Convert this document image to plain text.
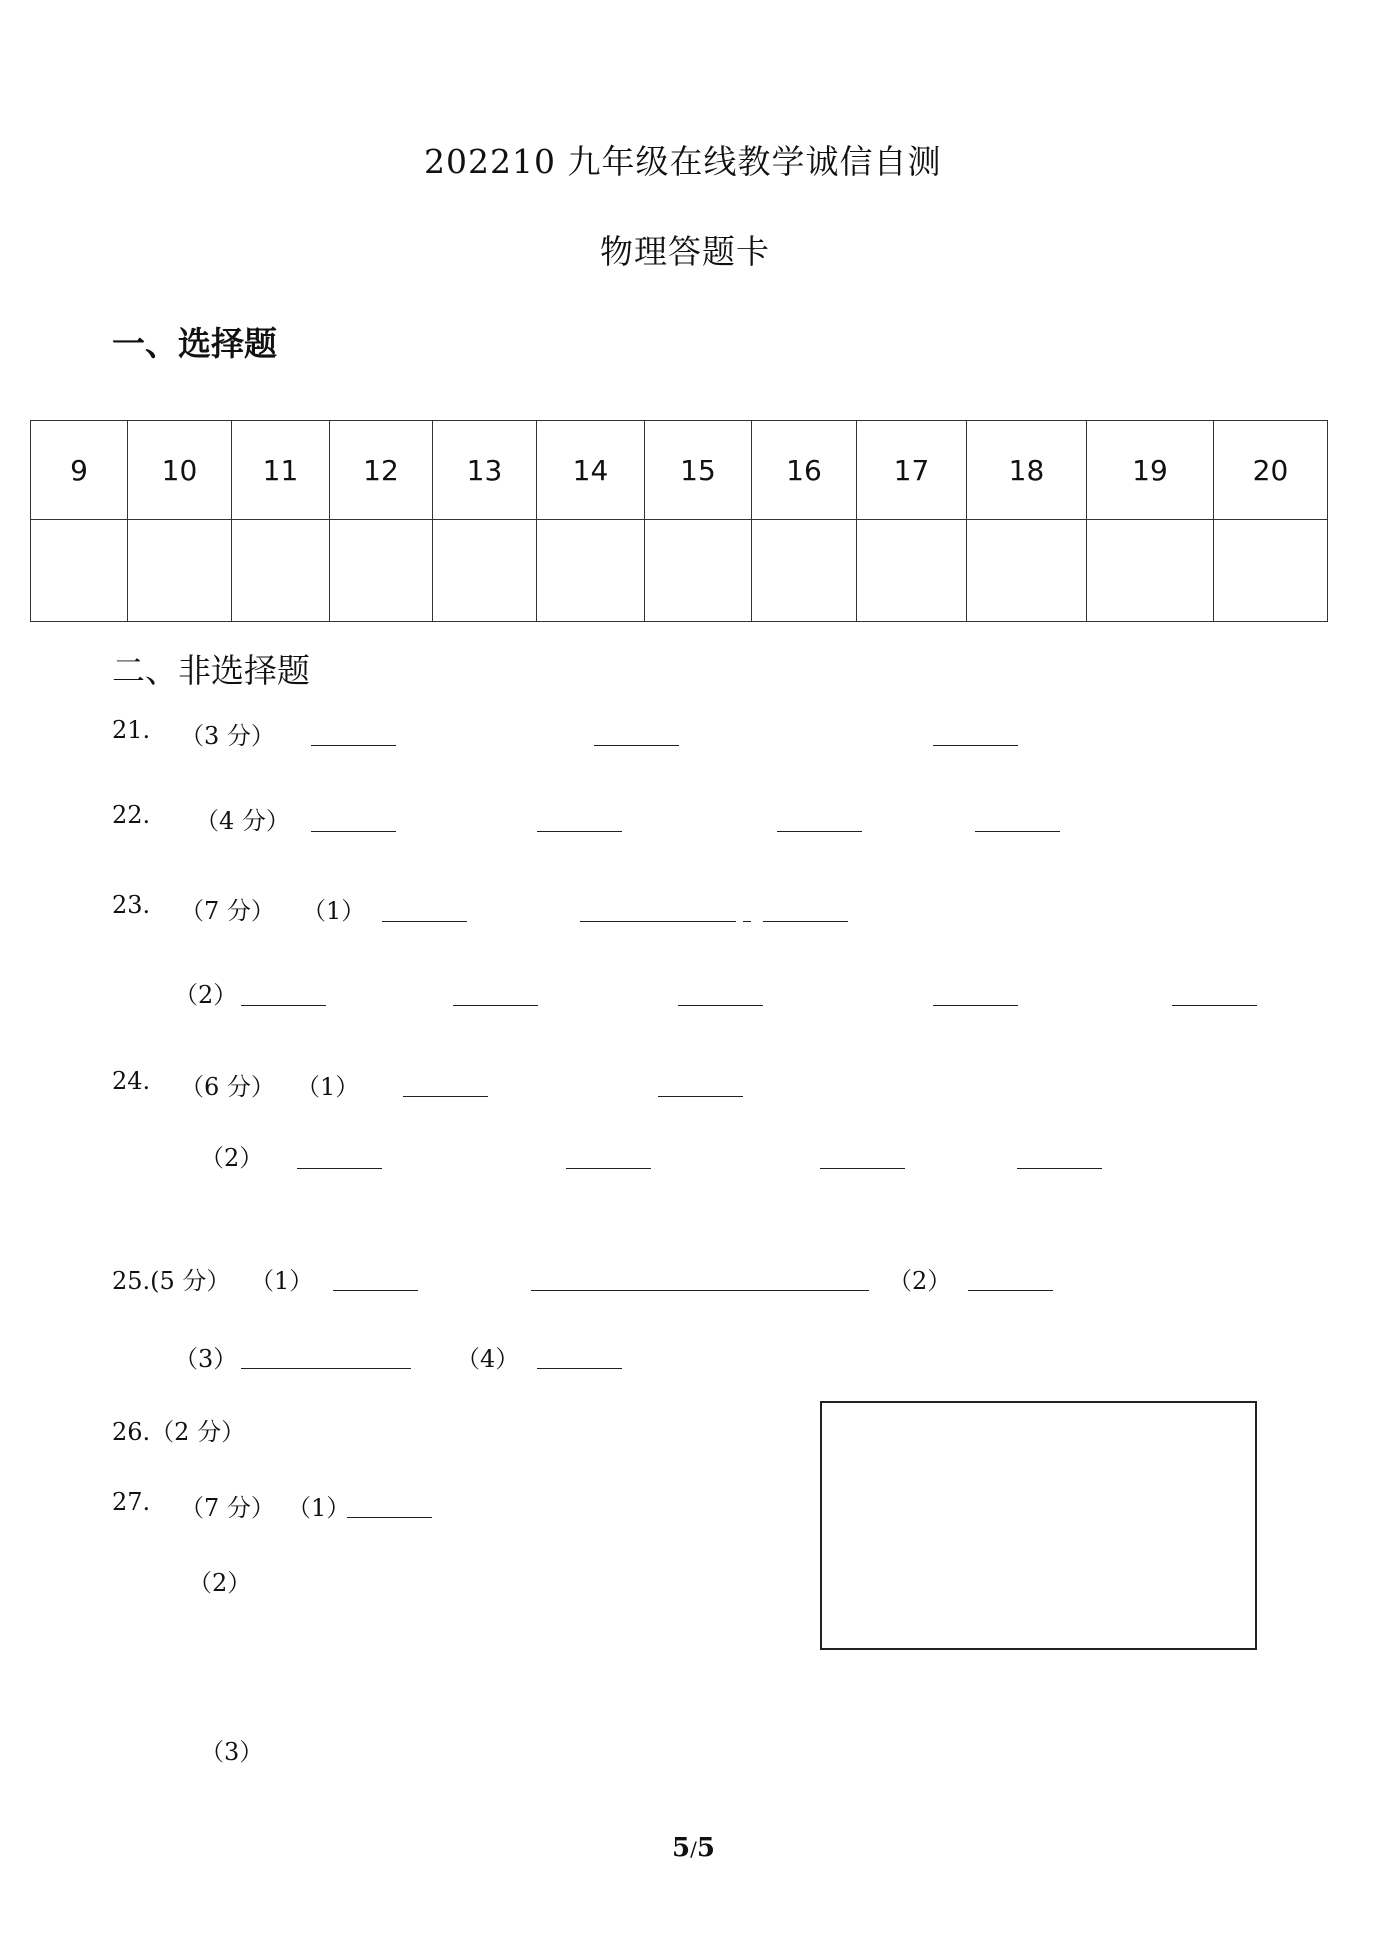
202210 九年级在线教学诚信自测
物理答题卡
一、选择题
9	10	11	12	13	14	15	16	17	18	19	20

二、非选择题
21. （3 分）
22. （4 分）
23. （7 分） （1）
（2）
24. （6 分） （1）
（2）
25.(5 分） （1）	（2）
（3）	（4）
26.（2 分）
27. （7 分） （1）
（2）
（3）
5/5
